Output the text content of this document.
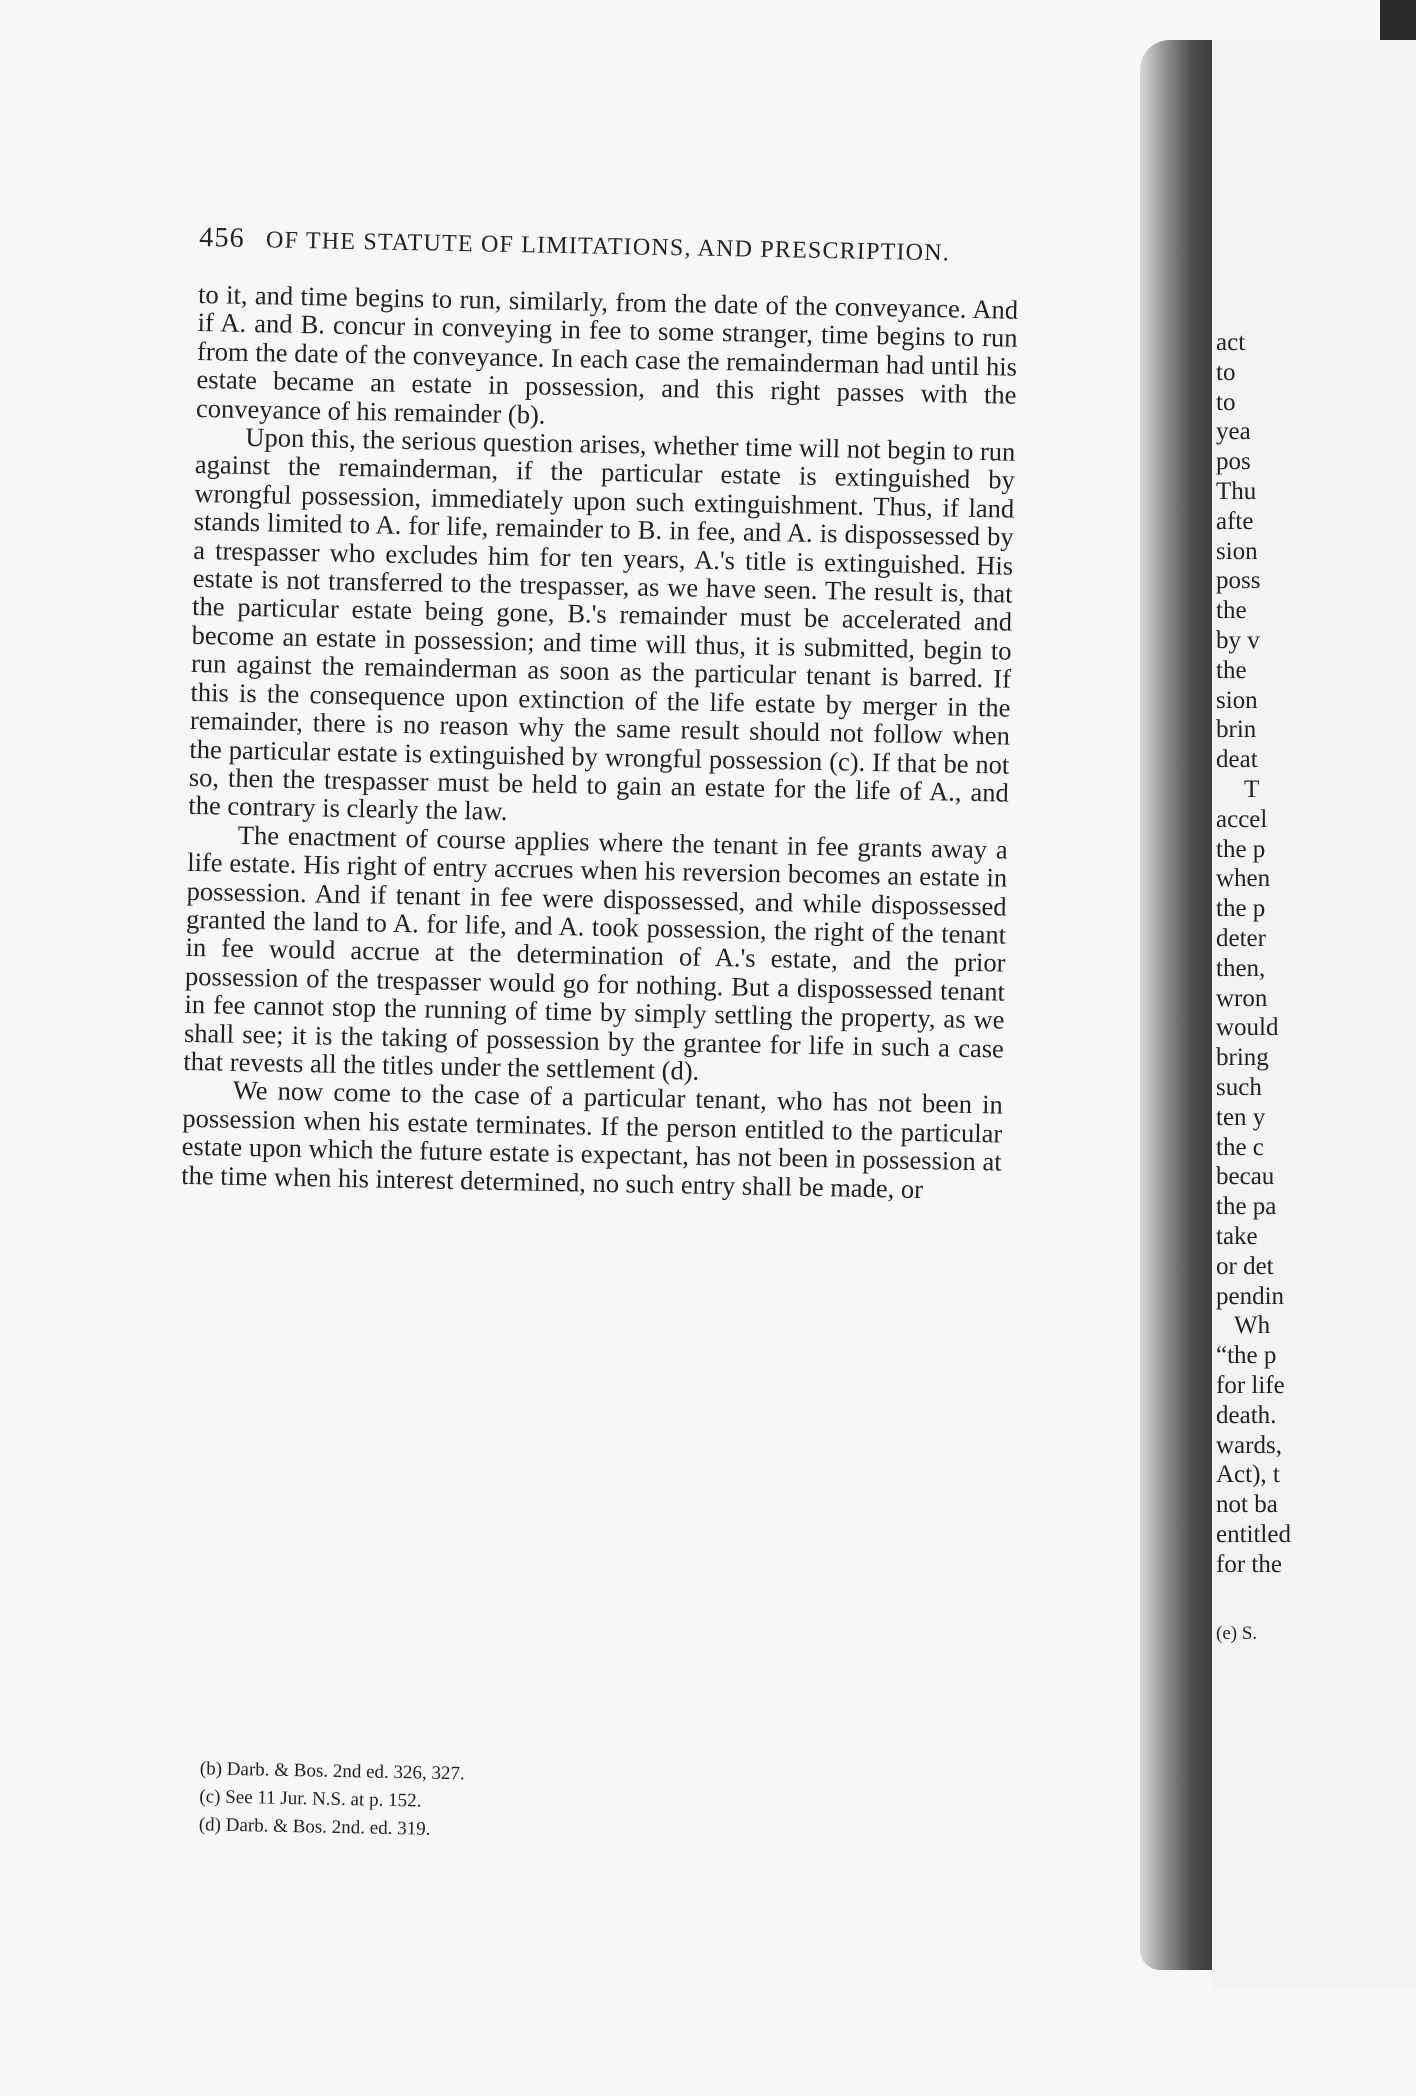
456 OF THE STATUTE OF LIMITATIONS, AND PRESCRIPTION.

to it, and time begins to run, similarly, from the date of the conveyance. And if A. and B. concur in conveying in fee to some stranger, time begins to run from the date of the conveyance. In each case the remainderman had until his estate became an estate in possession, and this right passes with the conveyance of his remainder (b).

Upon this, the serious question arises, whether time will not begin to run against the remainderman, if the particular estate is extinguished by wrongful possession, immediately upon such extinguishment. Thus, if land stands limited to A. for life, remainder to B. in fee, and A. is dispossessed by a trespasser who excludes him for ten years, A.'s title is extinguished. His estate is not transferred to the trespasser, as we have seen. The result is, that the particular estate being gone, B.'s remainder must be accelerated and become an estate in possession; and time will thus, it is submitted, begin to run against the remainderman as soon as the particular tenant is barred. If this is the consequence upon extinction of the life estate by merger in the remainder, there is no reason why the same result should not follow when the particular estate is extinguished by wrongful possession (c). If that be not so, then the trespasser must be held to gain an estate for the life of A., and the contrary is clearly the law.

The enactment of course applies where the tenant in fee grants away a life estate. His right of entry accrues when his reversion becomes an estate in possession. And if tenant in fee were dispossessed, and while dispossessed granted the land to A. for life, and A. took possession, the right of the tenant in fee would accrue at the determination of A.'s estate, and the prior possession of the trespasser would go for nothing. But a dispossessed tenant in fee cannot stop the running of time by simply settling the property, as we shall see; it is the taking of possession by the grantee for life in such a case that revests all the titles under the settlement (d).

We now come to the case of a particular tenant, who has not been in possession when his estate terminates. If the person entitled to the particular estate upon which the future estate is expectant, has not been in possession at the time when his interest determined, no such entry shall be made, or

(b) Darb. & Bos. 2nd ed. 326, 327.
(c) See 11 Jur. N.S. at p. 152.
(d) Darb. & Bos. 2nd. ed. 319.
act
to
to
yea
pos
Thu
afte
sion
poss
the
by v
the
sion
brin
deat
T
accel
the p
when
the p
deter
then,
wron
would
bring
such
ten y
the c
becau
the pa
take
or det
pendin
Wh
“the p
for life
death.
wards,
Act), t
not ba
entitled
for the
(e) S.
